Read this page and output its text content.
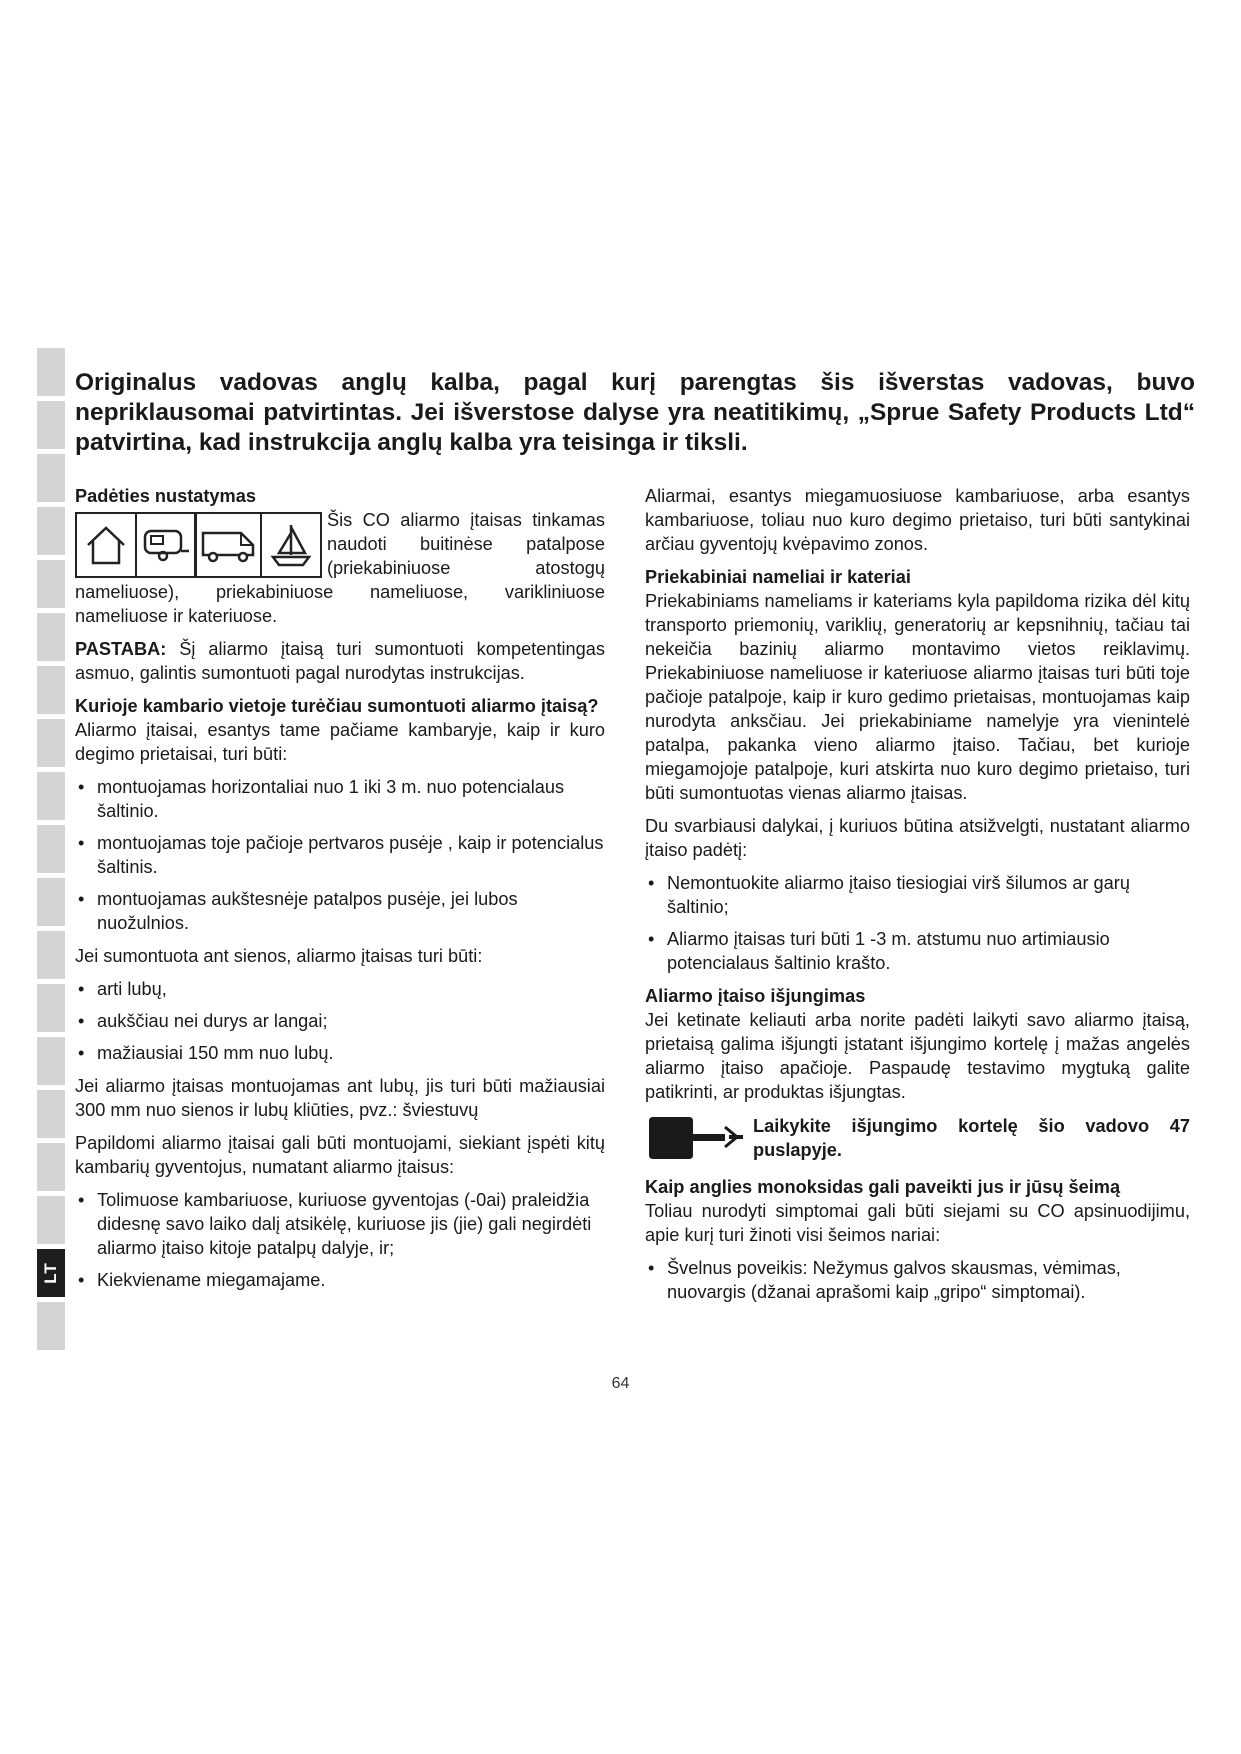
LT

Originalus vadovas anglų kalba, pagal kurį parengtas šis išverstas vadovas, buvo nepriklausomai patvirtintas. Jei išverstose dalyse yra neatitikimų, „Sprue Safety Products Ltd“ patvirtina, kad instrukcija anglų kalba yra teisinga ir tiksli.

Padėties nustatymas

Šis CO aliarmo įtaisas tinkamas naudoti buitinėse patalpose (priekabiniuose atostogų nameliuose), priekabiniuose nameliuose, varikliniuose nameliuose ir kateriuose.

PASTABA: Šį aliarmo įtaisą turi sumontuoti kompetentingas asmuo, galintis sumontuoti pagal nurodytas instrukcijas.

Kurioje kambario vietoje turėčiau sumontuoti aliarmo įtaisą?

Aliarmo įtaisai, esantys tame pačiame kambaryje, kaip ir kuro degimo prietaisai, turi būti:

• montuojamas horizontaliai nuo 1 iki 3 m. nuo potencialaus šaltinio.
• montuojamas toje pačioje pertvaros pusėje , kaip ir potencialus šaltinis.
• montuojamas aukštesnėje patalpos pusėje, jei lubos nuožulnios.

Jei sumontuota ant sienos, aliarmo įtaisas turi būti:

• arti lubų,
• aukščiau nei durys ar langai;
• mažiausiai 150 mm nuo lubų.

Jei aliarmo įtaisas montuojamas ant lubų, jis turi būti mažiausiai 300 mm nuo sienos ir lubų kliūties, pvz.: šviestuvų

Papildomi aliarmo įtaisai gali būti montuojami, siekiant įspėti kitų kambarių gyventojus, numatant aliarmo įtaisus:

• Tolimuose kambariuose, kuriuose gyventojas (-0ai) praleidžia didesnę savo laiko dalį atsikėlę, kuriuose jis (jie) gali negirdėti aliarmo įtaiso kitoje patalpų dalyje, ir;
• Kiekviename miegamajame.

Aliarmai, esantys miegamuosiuose kambariuose, arba esantys kambariuose, toliau nuo kuro degimo prietaiso, turi būti santykinai arčiau gyventojų kvėpavimo zonos.

Priekabiniai nameliai ir kateriai

Priekabiniams nameliams ir kateriams kyla papildoma rizika dėl kitų transporto priemonių, variklių, generatorių ar kepsnihnių, tačiau tai nekeičia bazinių aliarmo montavimo vietos reiklavimų. Priekabiniuose nameliuose ir kateriuose aliarmo įtaisas turi būti toje pačioje patalpoje, kaip ir kuro gedimo prietaisas, montuojamas kaip nurodyta anksčiau. Jei priekabiniame namelyje yra vienintelė patalpa, pakanka vieno aliarmo įtaiso. Tačiau, bet kurioje miegamojoje patalpoje, kuri atskirta nuo kuro degimo prietaiso, turi būti sumontuotas vienas aliarmo įtaisas.

Du svarbiausi dalykai, į kuriuos būtina atsižvelgti, nustatant aliarmo įtaiso padėtį:

• Nemontuokite aliarmo įtaiso tiesiogiai virš šilumos ar garų šaltinio;
• Aliarmo įtaisas turi būti 1 -3 m. atstumu nuo artimiausio potencialaus šaltinio krašto.
Aliarmo įtaiso išjungimas

Jei ketinate keliauti arba norite padėti laikyti savo aliarmo įtaisą, prietaisą galima išjungti įstatant išjungimo kortelę į mažas angelės aliarmo įtaiso apačioje. Paspaudę testavimo mygtuką galite patikrinti, ar produktas išjungtas.

Laikykite išjungimo kortelę šio vadovo 47 puslapyje.
Kaip anglies monoksidas gali paveikti jus ir jūsų šeimą

Toliau nurodyti simptomai gali būti siejami su CO apsinuodijimu, apie kurį turi žinoti visi šeimos nariai:

• Švelnus poveikis: Nežymus galvos skausmas, vėmimas, nuovargis (džanai aprašomi kaip „gripo“ simptomai).
64
